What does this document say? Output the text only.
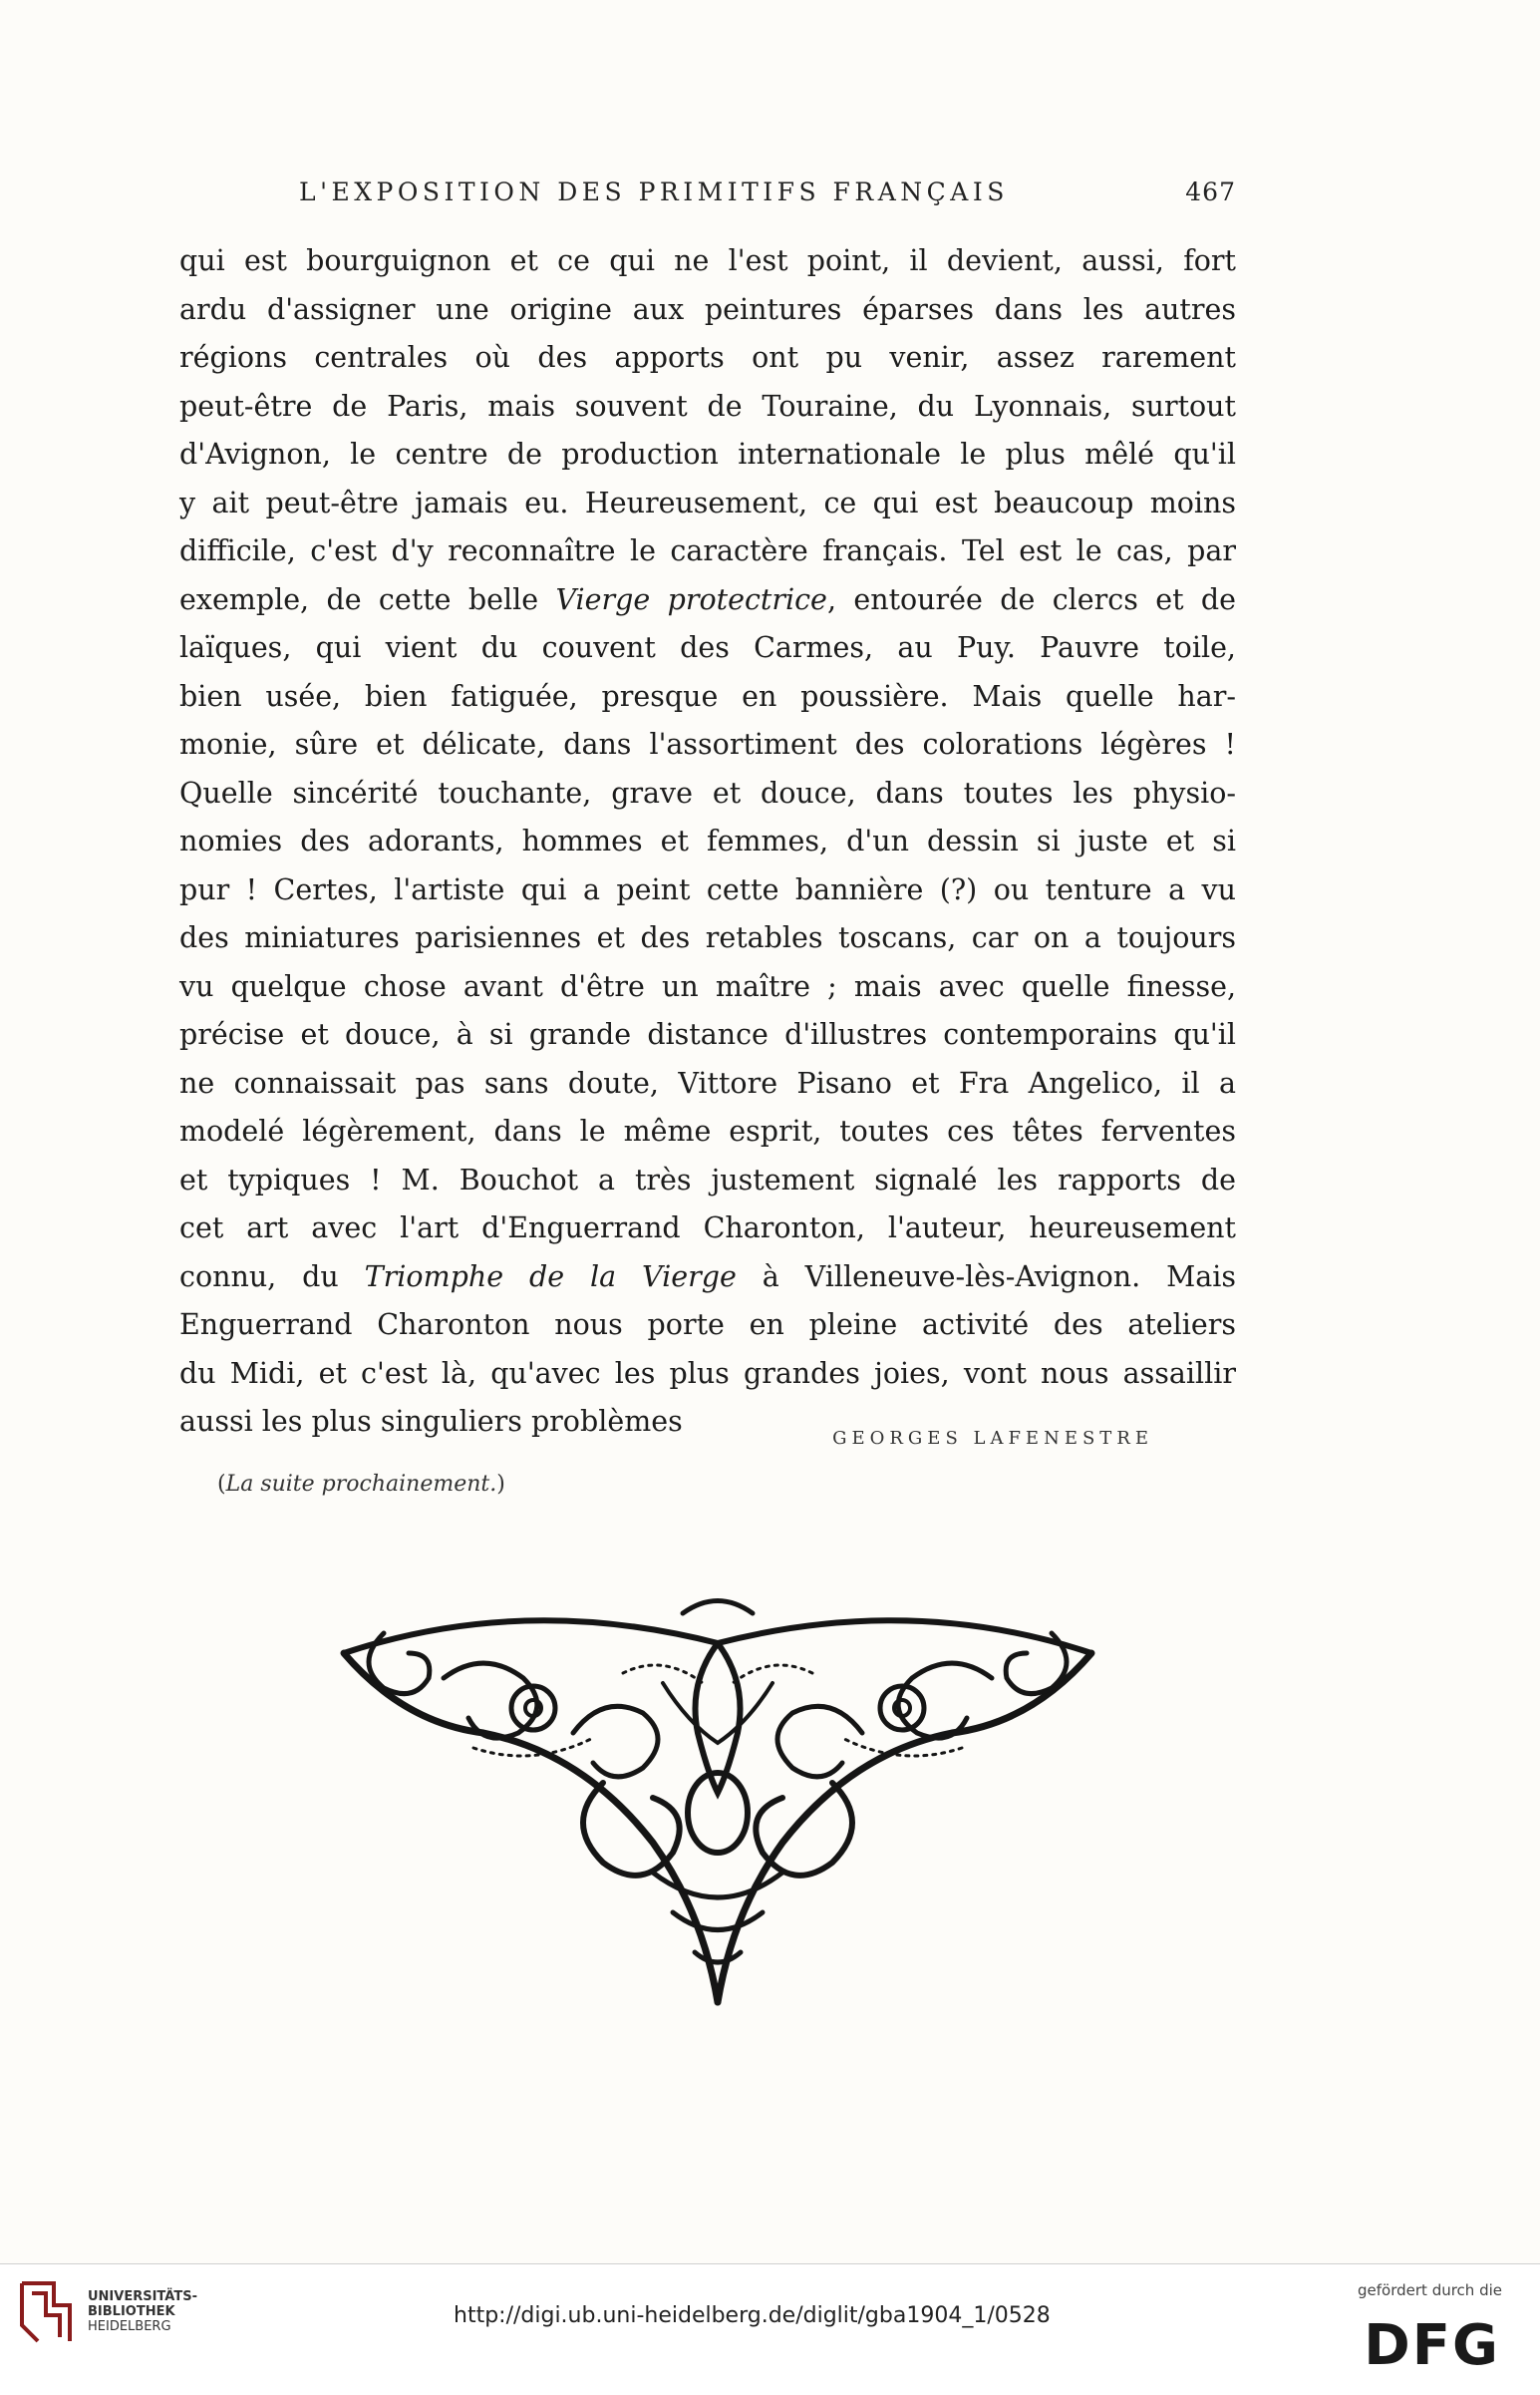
L'EXPOSITION DES PRIMITIFS FRANÇAIS	467
qui est bourguignon et ce qui ne l'est point, il devient, aussi, fort
ardu d'assigner une origine aux peintures éparses dans les autres
régions centrales où des apports ont pu venir, assez rarement
peut-être de Paris, mais souvent de Touraine, du Lyonnais, surtout
d'Avignon, le centre de production internationale le plus mêlé qu'il
y ait peut-être jamais eu. Heureusement, ce qui est beaucoup moins
difficile, c'est d'y reconnaître le caractère français. Tel est le cas, par
exemple, de cette belle Vierge protectrice, entourée de clercs et de
laïques, qui vient du couvent des Carmes, au Puy. Pauvre toile,
bien usée, bien fatiguée, presque en poussière. Mais quelle har-
monie, sûre et délicate, dans l'assortiment des colorations légères !
Quelle sincérité touchante, grave et douce, dans toutes les physio-
nomies des adorants, hommes et femmes, d'un dessin si juste et si
pur ! Certes, l'artiste qui a peint cette bannière (?) ou tenture a vu
des miniatures parisiennes et des retables toscans, car on a toujours
vu quelque chose avant d'être un maître ; mais avec quelle finesse,
précise et douce, à si grande distance d'illustres contemporains qu'il
ne connaissait pas sans doute, Vittore Pisano et Fra Angelico, il a
modelé légèrement, dans le même esprit, toutes ces têtes ferventes
et typiques ! M. Bouchot a très justement signalé les rapports de
cet art avec l'art d'Enguerrand Charonton, l'auteur, heureusement
connu, du Triomphe de la Vierge à Villeneuve-lès-Avignon. Mais
Enguerrand Charonton nous porte en pleine activité des ateliers
du Midi, et c'est là, qu'avec les plus grandes joies, vont nous assaillir
aussi les plus singuliers problèmes
GEORGES LAFENESTRE
(La suite prochainement.)
UNIVERSITÄTS-
BIBLIOTHEK
HEIDELBERG	http://digi.ub.uni-heidelberg.de/diglit/gba1904_1/0528
gefördert durch die
DFG
